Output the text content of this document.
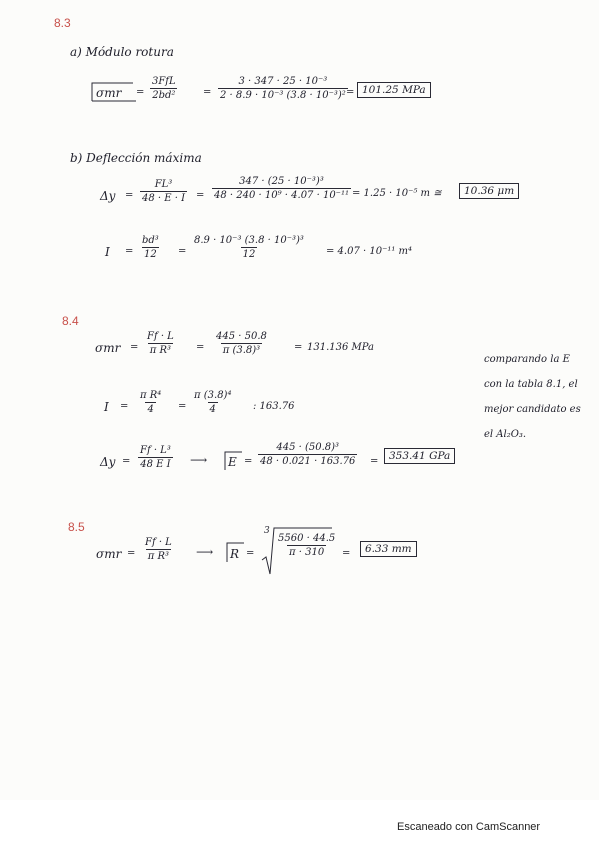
8.3
a) Módulo rotura
σmr =
3FfL
2bd²	= $\frac{\text{3 · 347 · 25 · 10⁻³}}{\text{2 · 8.9 · 10⁻³ (3.8 · 10⁻³)²}}$
= 101.25 MPa
b) Deflección máxima
$\Delta y = \frac{\text{FL³}}{48 \cdot E \cdot I} = \frac{\text{347 · (25 · 10⁻³)³}}{\text{48 · 240 · 10⁹ · 4.07 · 10⁻¹¹}} = 1.25 \cdot 10^{-5}$ m ≅	10.36 μm
$I = \frac{\text{bd³}}{12} = \frac{\text{8.9 · 10⁻³ (3.8 · 10⁻³)³}}{12} = 4.07 \cdot 10^{-11}$ m⁴
8.4
$\sigma mr = \frac{Ff \cdot L}{\text{π R³}} = \frac{445 \cdot 50.8}{\text{π (3.8)³}}$	= 131.136 MPa
$I = \frac{\text{π R⁴}}{4} = \frac{\text{π (3.8)⁴}}{4}$ : 163.76
$\Delta y = \frac{\text{Ff · L³}}{\text{48 E I}}$ ⟶ $E = \frac{\text{445 · (50.8)³}}{48 \cdot 0.021 \cdot 163.76}$ =	353.41 GPa
comparando la E
con la tabla 8.1, el
mejor candidato es
el Al₂O₃.
8.5
$\sigma mr = \frac{Ff \cdot L}{\text{π R³}}$ ⟶ R =
3
$\frac{5560 \cdot 44.5}{\pi \cdot 310}$ =	6.33 mm
Escaneado con CamScanner
